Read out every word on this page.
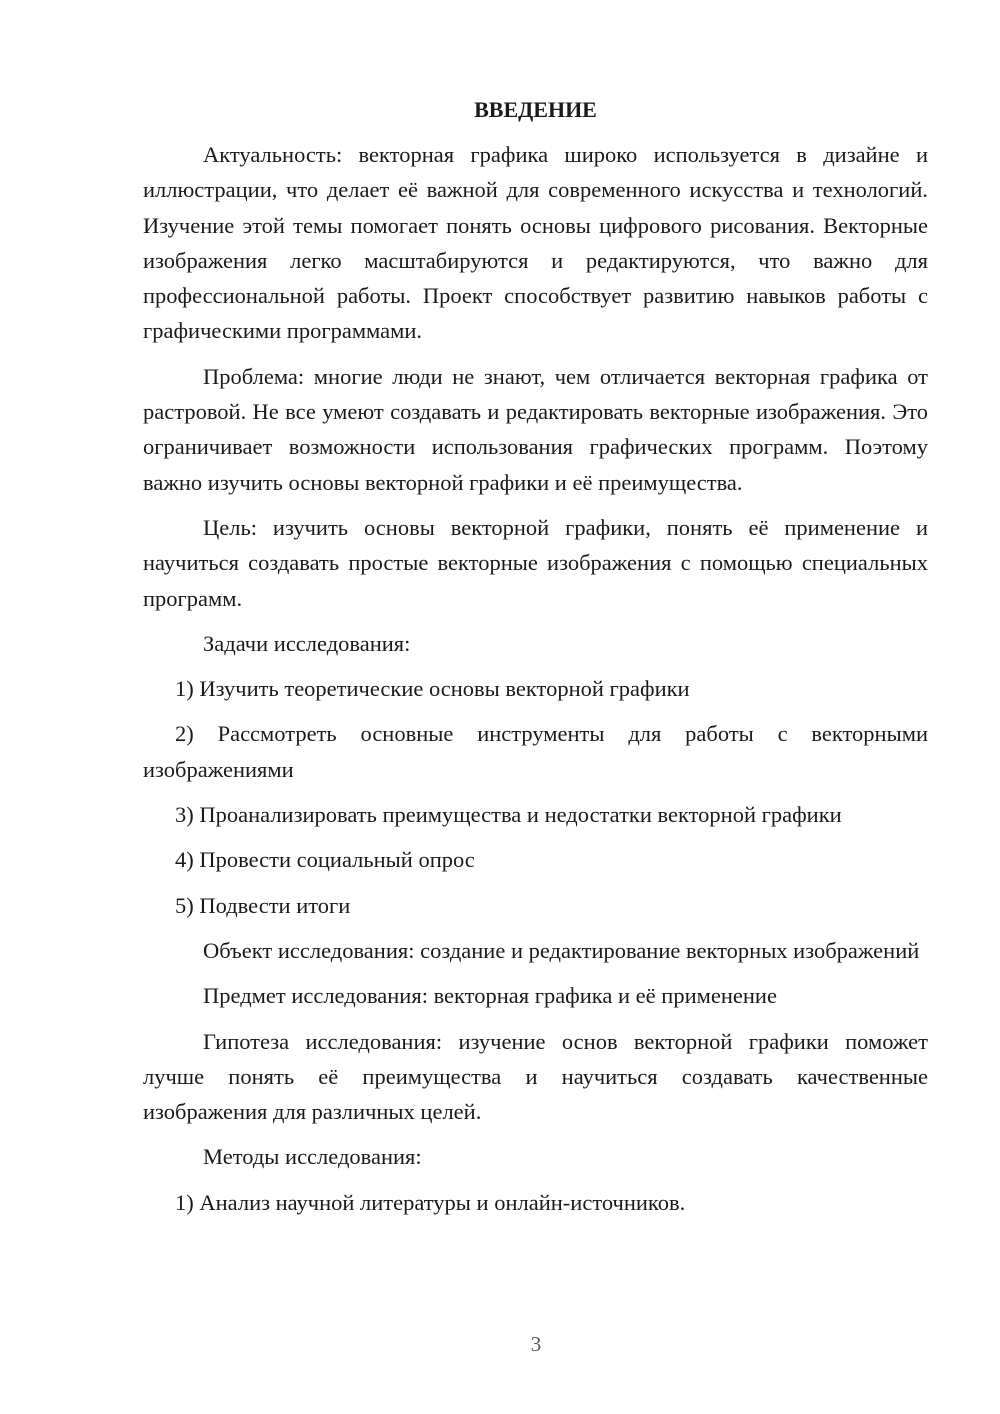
ВВЕДЕНИЕ

Актуальность: векторная графика широко используется в дизайне и иллюстрации, что делает её важной для современного искусства и технологий. Изучение этой темы помогает понять основы цифрового рисования. Векторные изображения легко масштабируются и редактируются, что важно для профессиональной работы. Проект способствует развитию навыков работы с графическими программами.

Проблема: многие люди не знают, чем отличается векторная графика от растровой. Не все умеют создавать и редактировать векторные изображения. Это ограничивает возможности использования графических программ. Поэтому важно изучить основы векторной графики и её преимущества.

Цель: изучить основы векторной графики, понять её применение и научиться создавать простые векторные изображения с помощью специальных программ.

Задачи исследования:

1) Изучить теоретические основы векторной графики

2) Рассмотреть основные инструменты для работы с векторными изображениями

3) Проанализировать преимущества и недостатки векторной графики

4) Провести социальный опрос

5) Подвести итоги

Объект исследования: создание и редактирование векторных изображений

Предмет исследования: векторная графика и её применение

Гипотеза исследования: изучение основ векторной графики поможет лучше понять её преимущества и научиться создавать качественные изображения для различных целей.

Методы исследования:

1) Анализ научной литературы и онлайн-источников.

3
